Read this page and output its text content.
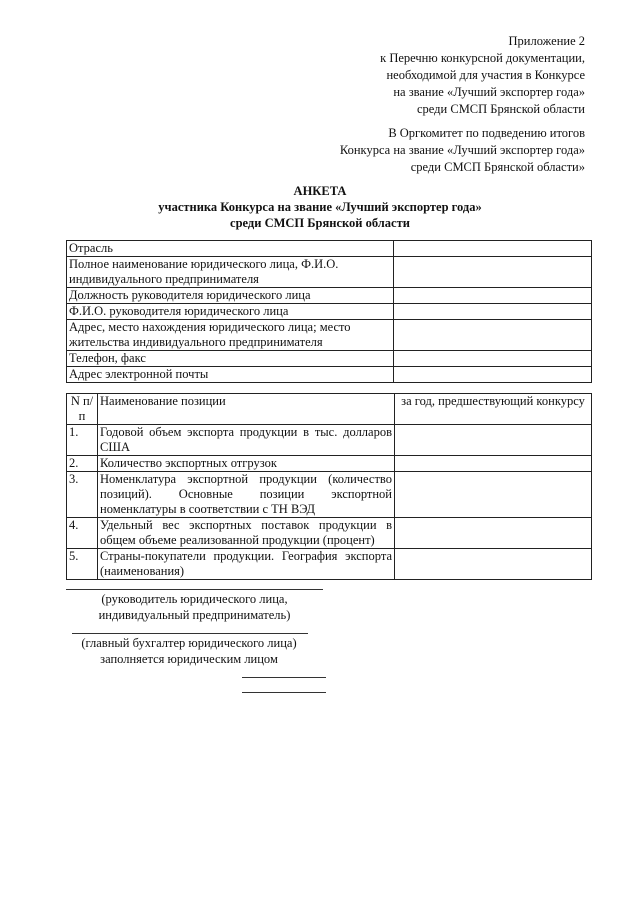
Приложение 2
к Перечню конкурсной документации,
необходимой для участия в Конкурсе
на звание «Лучший экспортер года»
среди СМСП Брянской области
В Оргкомитет по подведению итогов
Конкурса на звание «Лучший экспортер года»
среди СМСП Брянской области»
АНКЕТА
участника Конкурса на звание «Лучший экспортер года»
среди СМСП Брянской области
Отрасль	
Полное наименование юридического лица, Ф.И.О. индивидуального предпринимателя	
Должность руководителя юридического лица	
Ф.И.О. руководителя юридического лица	
Адрес, место нахождения юридического лица; место жительства индивидуального предпринимателя	
Телефон, факс	
Адрес электронной почты	
N п/п	Наименование позиции	за год, предшествующий конкурсу
1.	Годовой объем экспорта продукции в тыс. долларов США	
2.	Количество экспортных отгрузок	
3.	Номенклатура экспортной продукции (количество позиций). Основные позиции экспортной номенклатуры в соответствии с ТН ВЭД	
4.	Удельный вес экспортных поставок продукции в общем объеме реализованной продукции (процент)	
5.	Страны-покупатели продукции. География экспорта (наименования)	
(руководитель юридического лица,
индивидуальный предприниматель)
(главный бухгалтер юридического лица)
заполняется юридическим лицом
